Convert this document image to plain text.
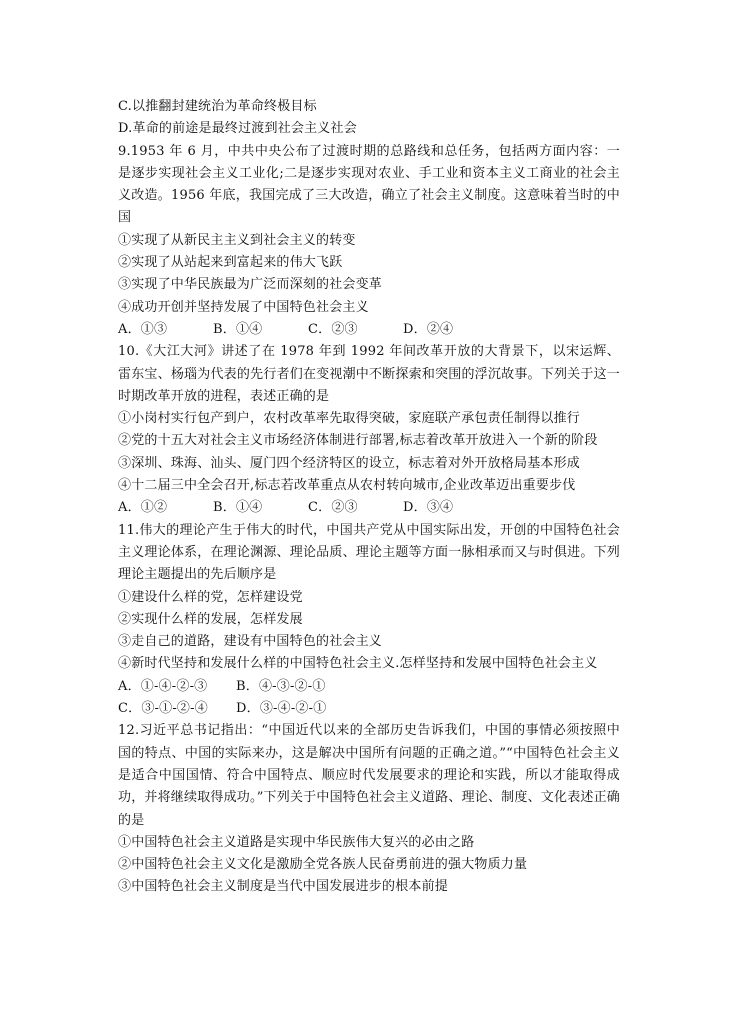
C.以推翻封建统治为革命终极目标
D.革命的前途是最终过渡到社会主义社会
9.1953 年 6 月，中共中央公布了过渡时期的总路线和总任务，包括两方面内容：一是逐步实现社会主义工业化;二是逐步实现对农业、手工业和资本主义工商业的社会主义改造。1956 年底，我国完成了三大改造，确立了社会主义制度。这意味着当时的中国
①实现了从新民主主义到社会主义的转变
②实现了从站起来到富起来的伟大飞跃
③实现了中华民族最为广泛而深刻的社会变革
④成功开创并坚持发展了中国特色社会主义
A．①③	B．①④	C．②③	D．②④
10.《大江大河》讲述了在 1978 年到 1992 年间改革开放的大背景下，以宋运辉、雷东宝、杨瑙为代表的先行者们在变视潮中不断探索和突围的浮沉故事。下列关于这一时期改革开放的进程，表述正确的是
①小岗村实行包产到户，农村改革率先取得突破，家庭联产承包责任制得以推行
②党的十五大对社会主义市场经济体制进行部署,标志着改革开放进入一个新的阶段
③深圳、珠海、汕头、厦门四个经济特区的设立，标志着对外开放格局基本形成
④十二届三中全会召开,标志若改革重点从农村转向城市,企业改革迈出重要步伐
A．①②	B．①④	C．②③	D．③④
11.伟大的理论产生于伟大的时代，中国共产党从中国实际出发，开创的中国特色社会主义理论体系，在理论渊源、理论品质、理论主题等方面一脉相承而又与时俱进。下列理论主题提出的先后顺序是
①建设什么样的党，怎样建设党
②实现什么样的发展，怎样发展
③走自己的道路，建设有中国特色的社会主义
④新时代坚持和发展什么样的中国特色社会主义.怎样坚持和发展中国特色社会主义
A．①-④-②-③	B．④-③-②-①
C．③-①-②-④	D．③-④-②-①
12.习近平总书记指出：“中国近代以来的全部历史告诉我们，中国的事情必须按照中国的特点、中国的实际来办，这是解决中国所有问题的正确之道。”“中国特色社会主义是适合中国国情、符合中国特点、顺应时代发展要求的理论和实践，所以才能取得成功，并将继续取得成功。”下列关于中国特色社会主义道路、理论、制度、文化表述正确的是
①中国特色社会主义道路是实现中华民族伟大复兴的必由之路
②中国特色社会主义文化是激励全党各族人民奋勇前进的强大物质力量
③中国特色社会主义制度是当代中国发展进步的根本前提
